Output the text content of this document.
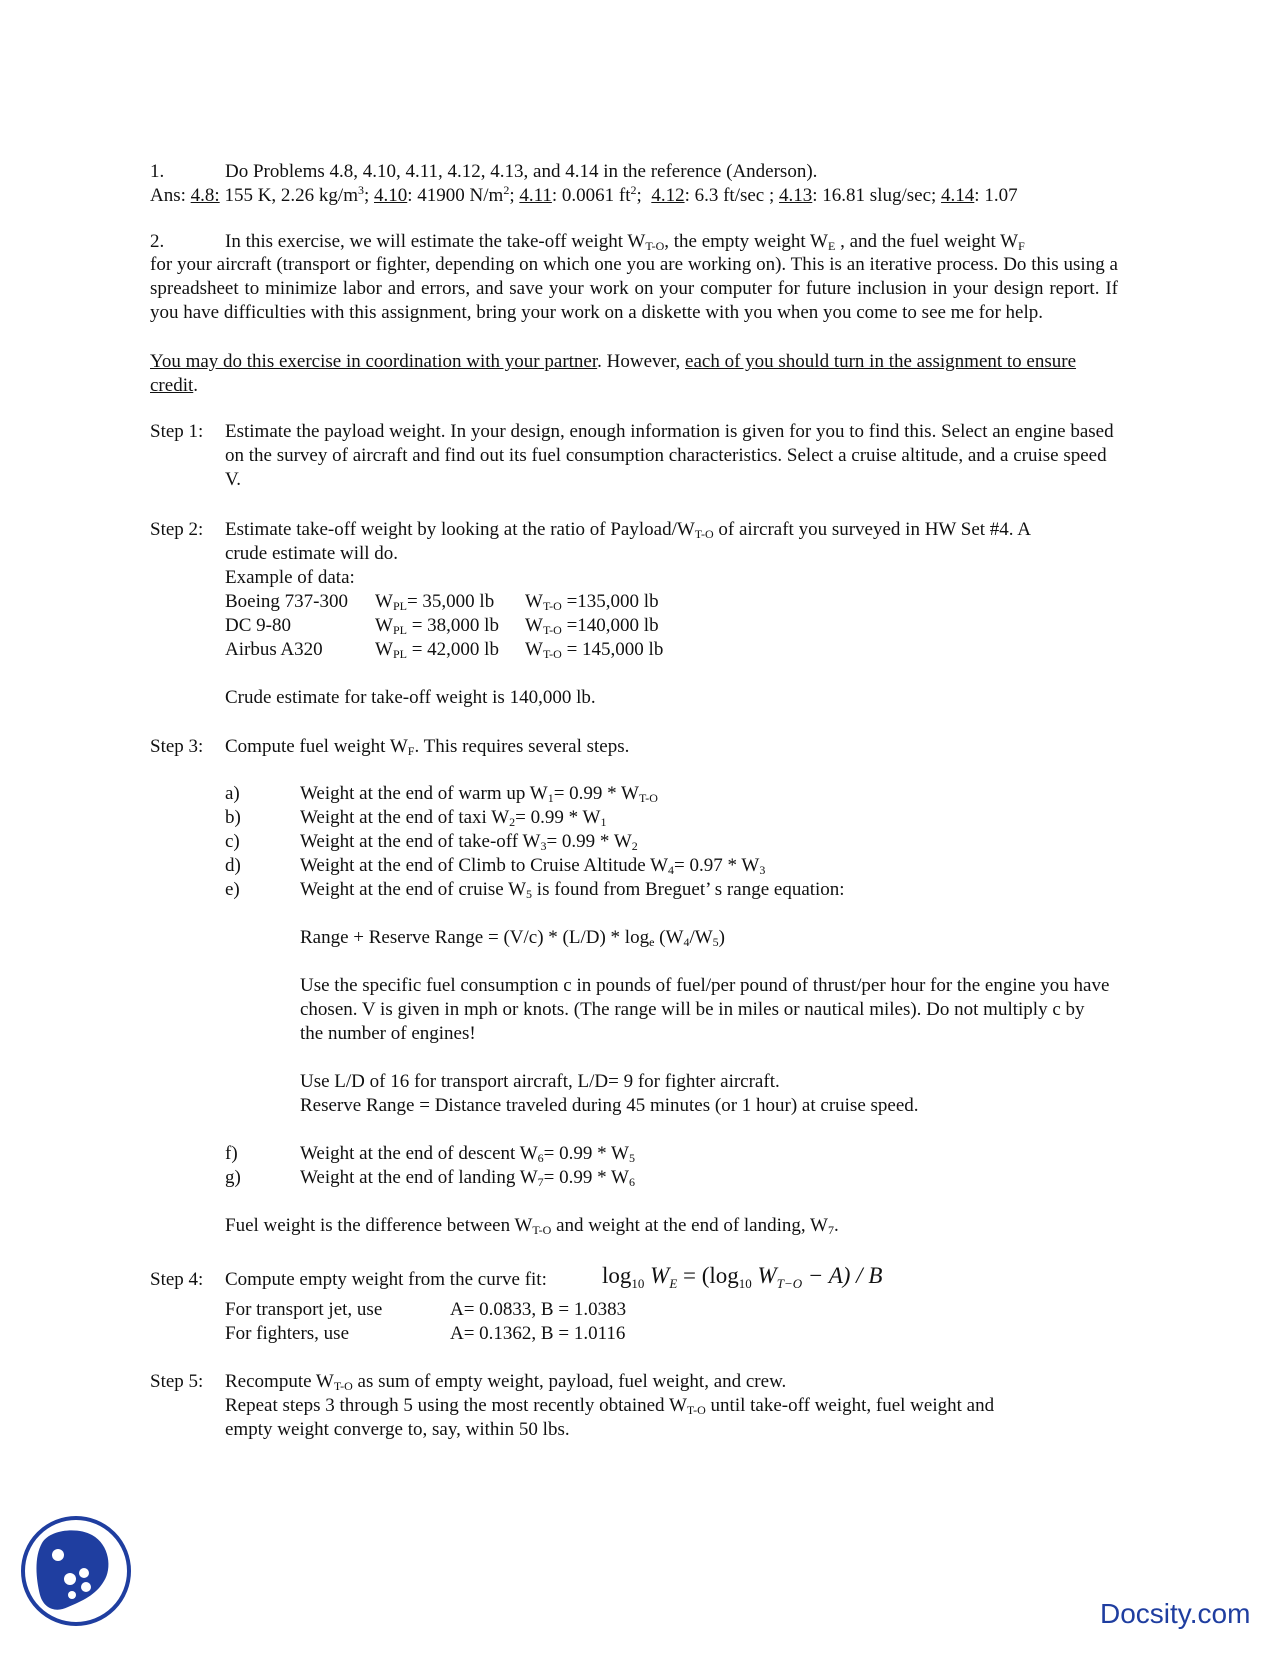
1.	Do Problems 4.8, 4.10, 4.11, 4.12, 4.13, and 4.14 in the reference (Anderson).
Ans: 4.8: 155 K, 2.26 $kg/m^3$; 4.10: 41900 $N/m^2$; 4.11: 0.0061 $ft^2$; 4.12: 6.3 ft/sec ; 4.13: 16.81 slug/sec; 4.14: 1.07
2.	In this exercise, we will estimate the take-off weight $W_{T-O}$, the empty weight $W_E$ , and the fuel weight $W_F$
for your aircraft (transport or fighter, depending on which one you are working on). This is an iterative process. Do this using a spreadsheet to minimize labor and errors, and save your work on your computer for future inclusion in your design report. If you have difficulties with this assignment, bring your work on a diskette with you when you come to see me for help.
You may do this exercise in coordination with your partner. However, each of you should turn in the assignment to ensure credit.
Step 1: Estimate the payload weight. In your design, enough information is given for you to find this. Select an engine based on the survey of aircraft and find out its fuel consumption characteristics. Select a cruise altitude, and a cruise speed V.
Step 2: Estimate take-off weight by looking at the ratio of Payload/$W_{T-O}$ of aircraft you surveyed in HW Set #4. A
crude estimate will do.
Example of data:
Boeing 737-300 $W_{PL}= 35,000$ lb $W_{T-O} =135,000$ lb
DC 9-80	$W_{PL} = 38,000$ lb $W_{T-O} =140,000$ lb
Airbus A320	$W_{PL} = 42,000$ lb $W_{T-O} = 145,000$ lb
Crude estimate for take-off weight is 140,000 lb.
Step 3: Compute fuel weight $W_F$. This requires several steps.
a)	Weight at the end of warm up $W_1= 0.99 * W_{T-O}$
b)	Weight at the end of taxi $W_2= 0.99 * W_1$
c)	Weight at the end of take-off $W_3= 0.99 * W_2$
d)	Weight at the end of Climb to Cruise Altitude $W_4= 0.97 * W_3$
e)	Weight at the end of cruise $W_5$ is found from Breguet’ s range equation:
Range + Reserve Range = $(V/c) * (L/D) * \log_e (W_4/W_5)$
Use the specific fuel consumption c in pounds of fuel/per pound of thrust/per hour for the engine you have chosen. V is given in mph or knots. (The range will be in miles or nautical miles). Do not multiply c by the number of engines!
Use L/D of 16 for transport aircraft, L/D= 9 for fighter aircraft.
Reserve Range = Distance traveled during 45 minutes (or 1 hour) at cruise speed.
f)	Weight at the end of descent $W_6= 0.99 * W_5$
g)	Weight at the end of landing $W_7= 0.99 * W_6$
Fuel weight is the difference between $W_{T-O}$ and weight at the end of landing, $W_7$.
Step 4: Compute empty weight from the curve fit: $\log_{10} W_E = (\log_{10}$ $W_{T-O} - A) / B$
For transport jet, use	A= 0.0833, B = 1.0383
For fighters, use	A= 0.1362, B = 1.0116
Step 5: Recompute $W_{T-O}$ as sum of empty weight, payload, fuel weight, and crew.
Repeat steps 3 through 5 using the most recently obtained $W_{T-O}$ until take-off weight, fuel weight and
empty weight converge to, say, within 50 lbs.
Docsity.com
